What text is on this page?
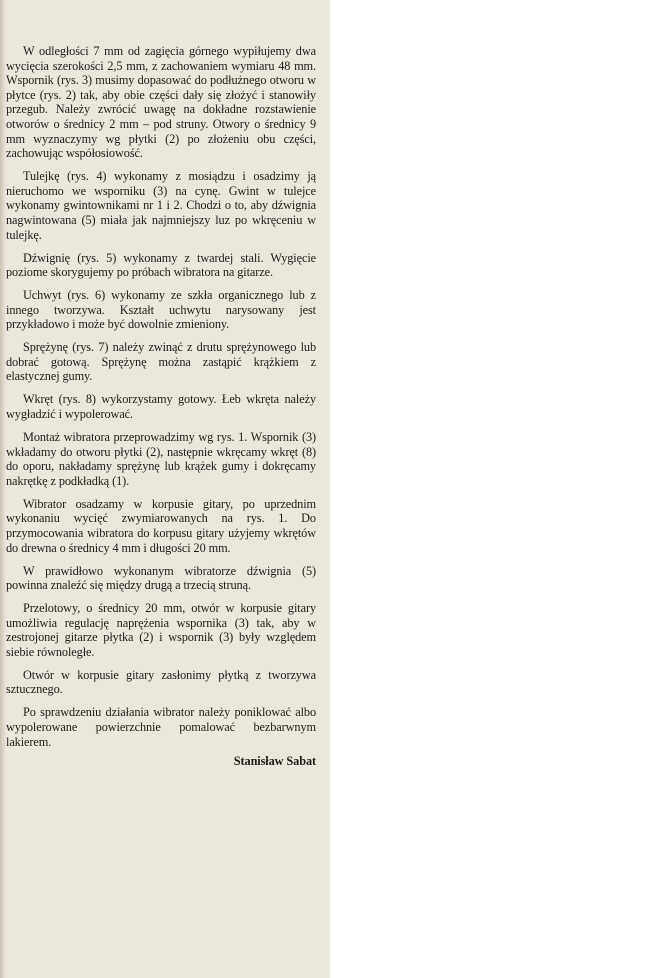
W odległości 7 mm od zagięcia górnego wypiłujemy dwa wycięcia szerokości 2,5 mm, z zachowaniem wymiaru 48 mm. Wspornik (rys. 3) musimy dopasować do podłużnego otworu w płytce (rys. 2) tak, aby obie części dały się złożyć i stanowiły przegub. Należy zwrócić uwagę na dokładne rozstawienie otworów o średnicy 2 mm – pod struny. Otwory o średnicy 9 mm wyznaczymy wg płytki (2) po złożeniu obu części, zachowując współosiowość.

Tulejkę (rys. 4) wykonamy z mosiądzu i osadzimy ją nieruchomo we wsporniku (3) na cynę. Gwint w tulejce wykonamy gwintownikami nr 1 i 2. Chodzi o to, aby dźwignia nagwintowana (5) miała jak najmniejszy luz po wkręceniu w tulejkę.

Dźwignię (rys. 5) wykonamy z twardej stali. Wygięcie poziome skorygujemy po próbach wibratora na gitarze.

Uchwyt (rys. 6) wykonamy ze szkła organicznego lub z innego tworzywa. Kształt uchwytu narysowany jest przykładowo i może być dowolnie zmieniony.

Sprężynę (rys. 7) należy zwinąć z drutu sprężynowego lub dobrać gotową. Sprężynę można zastąpić krążkiem z elastycznej gumy.

Wkręt (rys. 8) wykorzystamy gotowy. Łeb wkręta należy wygładzić i wypolerować.

Montaż wibratora przeprowadzimy wg rys. 1. Wspornik (3) wkładamy do otworu płytki (2), następnie wkręcamy wkręt (8) do oporu, nakładamy sprężynę lub krążek gumy i dokręcamy nakrętkę z podkładką (1).

Wibrator osadzamy w korpusie gitary, po uprzednim wykonaniu wycięć zwymiarowanych na rys. 1. Do przymocowania wibratora do korpusu gitary użyjemy wkrętów do drewna o średnicy 4 mm i długości 20 mm.

W prawidłowo wykonanym wibratorze dźwignia (5) powinna znaleźć się między drugą a trzecią struną.

Przelotowy, o średnicy 20 mm, otwór w korpusie gitary umożliwia regulację naprężenia wspornika (3) tak, aby w zestrojonej gitarze płytka (2) i wspornik (3) były względem siebie równoległe.

Otwór w korpusie gitary zasłonimy płytką z tworzywa sztucznego.

Po sprawdzeniu działania wibrator należy poniklować albo wypolerowane powierzchnie pomalować bezbarwnym lakierem.

Stanisław Sabat
